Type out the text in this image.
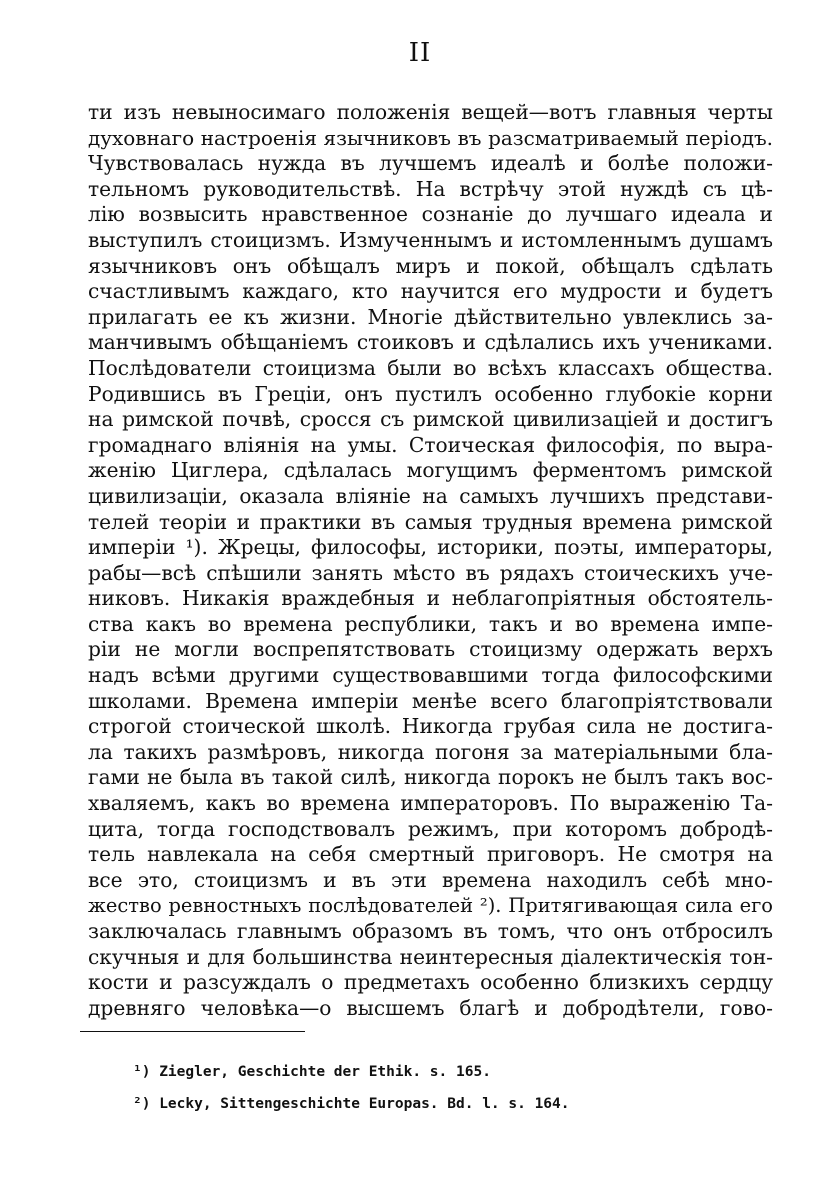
II
ти изъ невыносимаго положенія вещей—вотъ главныя черты
духовнаго настроенія язычниковъ въ разсматриваемый періодъ.
Чувствовалась нужда въ лучшемъ идеалѣ и болѣе положи-
тельномъ руководительствѣ. На встрѣчу этой нуждѣ съ цѣ-
лію возвысить нравственное сознаніе до лучшаго идеала и
выступилъ стоицизмъ. Измученнымъ и истомленнымъ душамъ
язычниковъ онъ обѣщалъ миръ и покой, обѣщалъ сдѣлать
счастливымъ каждаго, кто научится его мудрости и будетъ
прилагать ее къ жизни. Многіе дѣйствительно увлеклись за-
манчивымъ обѣщаніемъ стоиковъ и сдѣлались ихъ учениками.
Послѣдователи стоицизма были во всѣхъ классахъ общества.
Родившись въ Греціи, онъ пустилъ особенно глубокіе корни
на римской почвѣ, сросся съ римской цивилизаціей и достигъ
громаднаго вліянія на умы. Стоическая философія, по выра-
женію Циглера, сдѣлалась могущимъ ферментомъ римской
цивилизаціи, оказала вліяніе на самыхъ лучшихъ представи-
телей теоріи и практики въ самыя трудныя времена римской
имперіи ¹). Жрецы, философы, историки, поэты, императоры,
рабы—всѣ спѣшили занять мѣсто въ рядахъ стоическихъ уче-
никовъ. Никакія враждебныя и неблагопріятныя обстоятель-
ства какъ во времена республики, такъ и во времена импе-
ріи не могли воспрепятствовать стоицизму одержать верхъ
надъ всѣми другими существовавшими тогда философскими
школами. Времена имперіи менѣе всего благопріятствовали
строгой стоической школѣ. Никогда грубая сила не достига-
ла такихъ размѣровъ, никогда погоня за матеріальными бла-
гами не была въ такой силѣ, никогда порокъ не былъ такъ вос-
хваляемъ, какъ во времена императоровъ. По выраженію Та-
цита, тогда господствовалъ режимъ, при которомъ добродѣ-
тель навлекала на себя смертный приговоръ. Не смотря на
все это, стоицизмъ и въ эти времена находилъ себѣ мно-
жество ревностныхъ послѣдователей ²). Притягивающая сила его
заключалась главнымъ образомъ въ томъ, что онъ отбросилъ
скучныя и для большинства неинтересныя діалектическія тон-
кости и разсуждалъ о предметахъ особенно близкихъ сердцу
древняго человѣка—о высшемъ благѣ и добродѣтели, гово-
¹) Ziegler, Geschichte der Ethik. s. 165.
²) Lecky, Sittengeschichte Europas. Bd. l. s. 164.
